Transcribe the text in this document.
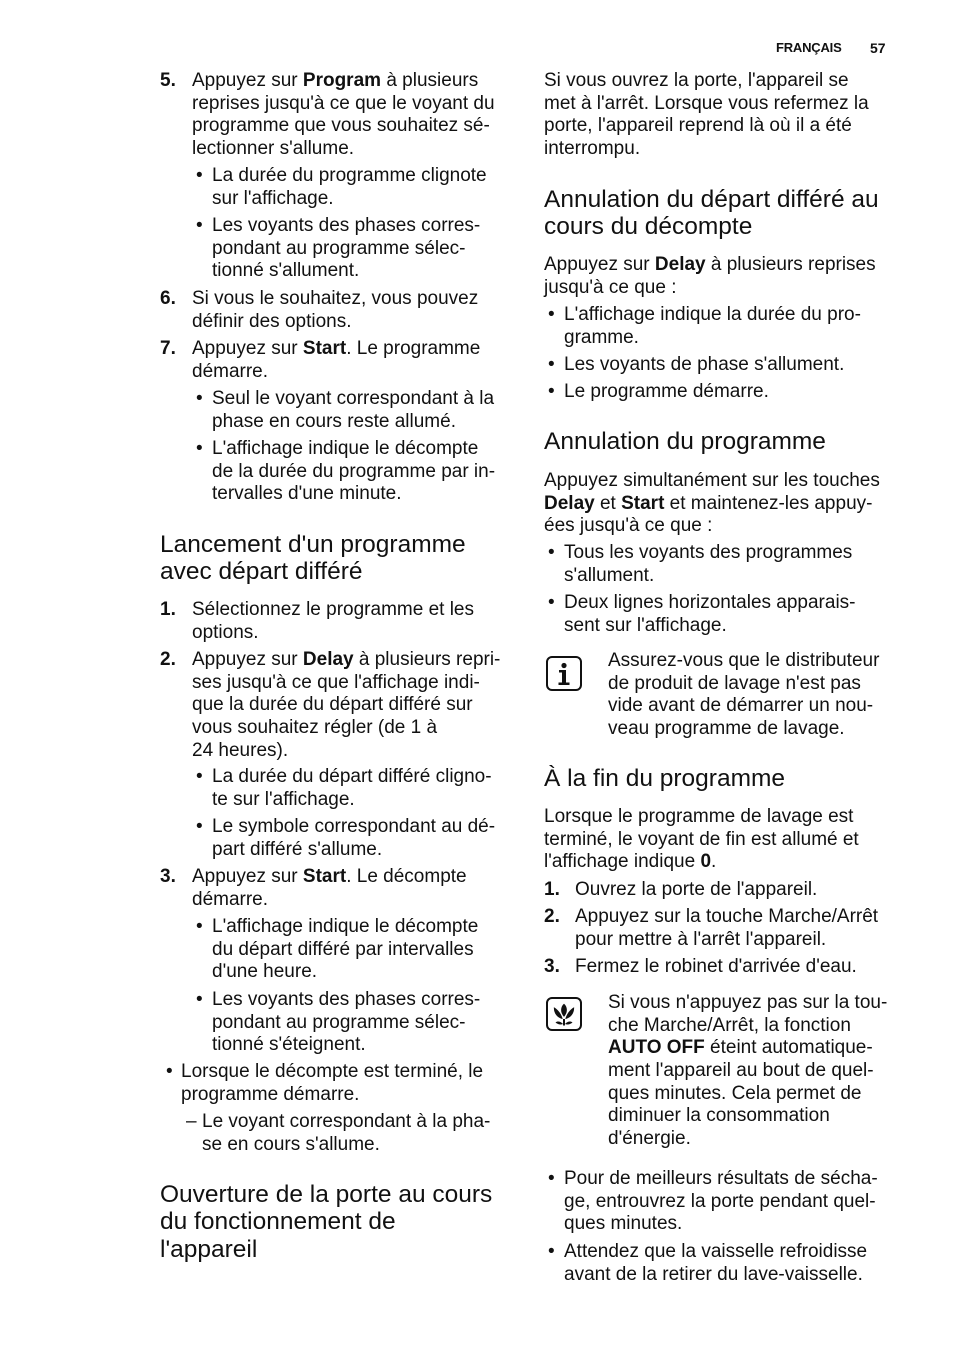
FRANÇAIS 57
5. Appuyez sur Program à plusieurs
reprises jusqu'à ce que le voyant du
programme que vous souhaitez sé-
lectionner s'allume.
• La durée du programme clignote
sur l'affichage.
• Les voyants des phases corres-
pondant au programme sélec-
tionné s'allument.
6. Si vous le souhaitez, vous pouvez
définir des options.
7. Appuyez sur Start. Le programme
démarre.
• Seul le voyant correspondant à la
phase en cours reste allumé.
• L'affichage indique le décompte
de la durée du programme par in-
tervalles d'une minute.
Lancement d'un programme
avec départ différé
1. Sélectionnez le programme et les
options.
2. Appuyez sur Delay à plusieurs repri-
ses jusqu'à ce que l'affichage indi-
que la durée du départ différé sur
vous souhaitez régler (de 1 à
24 heures).
• La durée du départ différé cligno-
te sur l'affichage.
• Le symbole correspondant au dé-
part différé s'allume.
3. Appuyez sur Start. Le décompte
démarre.
• L'affichage indique le décompte
du départ différé par intervalles
d'une heure.
• Les voyants des phases corres-
pondant au programme sélec-
tionné s'éteignent.
• Lorsque le décompte est terminé, le
programme démarre.
– Le voyant correspondant à la pha-
se en cours s'allume.
Ouverture de la porte au cours
du fonctionnement de
l'appareil
Si vous ouvrez la porte, l'appareil se
met à l'arrêt. Lorsque vous refermez la
porte, l'appareil reprend là où il a été
interrompu.
Annulation du départ différé au
cours du décompte
Appuyez sur Delay à plusieurs reprises
jusqu'à ce que :
• L'affichage indique la durée du pro-
gramme.
• Les voyants de phase s'allument.
• Le programme démarre.
Annulation du programme
Appuyez simultanément sur les touches
Delay et Start et maintenez-les appuy-
ées jusqu'à ce que :
• Tous les voyants des programmes
s'allument.
• Deux lignes horizontales apparais-
sent sur l'affichage.
Assurez-vous que le distributeur
de produit de lavage n'est pas
vide avant de démarrer un nou-
veau programme de lavage.
À la fin du programme
Lorsque le programme de lavage est
terminé, le voyant de fin est allumé et
l'affichage indique 0.
1. Ouvrez la porte de l'appareil.
2. Appuyez sur la touche Marche/Arrêt
pour mettre à l'arrêt l'appareil.
3. Fermez le robinet d'arrivée d'eau.
Si vous n'appuyez pas sur la tou-
che Marche/Arrêt, la fonction
AUTO OFF éteint automatique-
ment l'appareil au bout de quel-
ques minutes. Cela permet de
diminuer la consommation
d'énergie.
• Pour de meilleurs résultats de sécha-
ge, entrouvrez la porte pendant quel-
ques minutes.
• Attendez que la vaisselle refroidisse
avant de la retirer du lave-vaisselle.
